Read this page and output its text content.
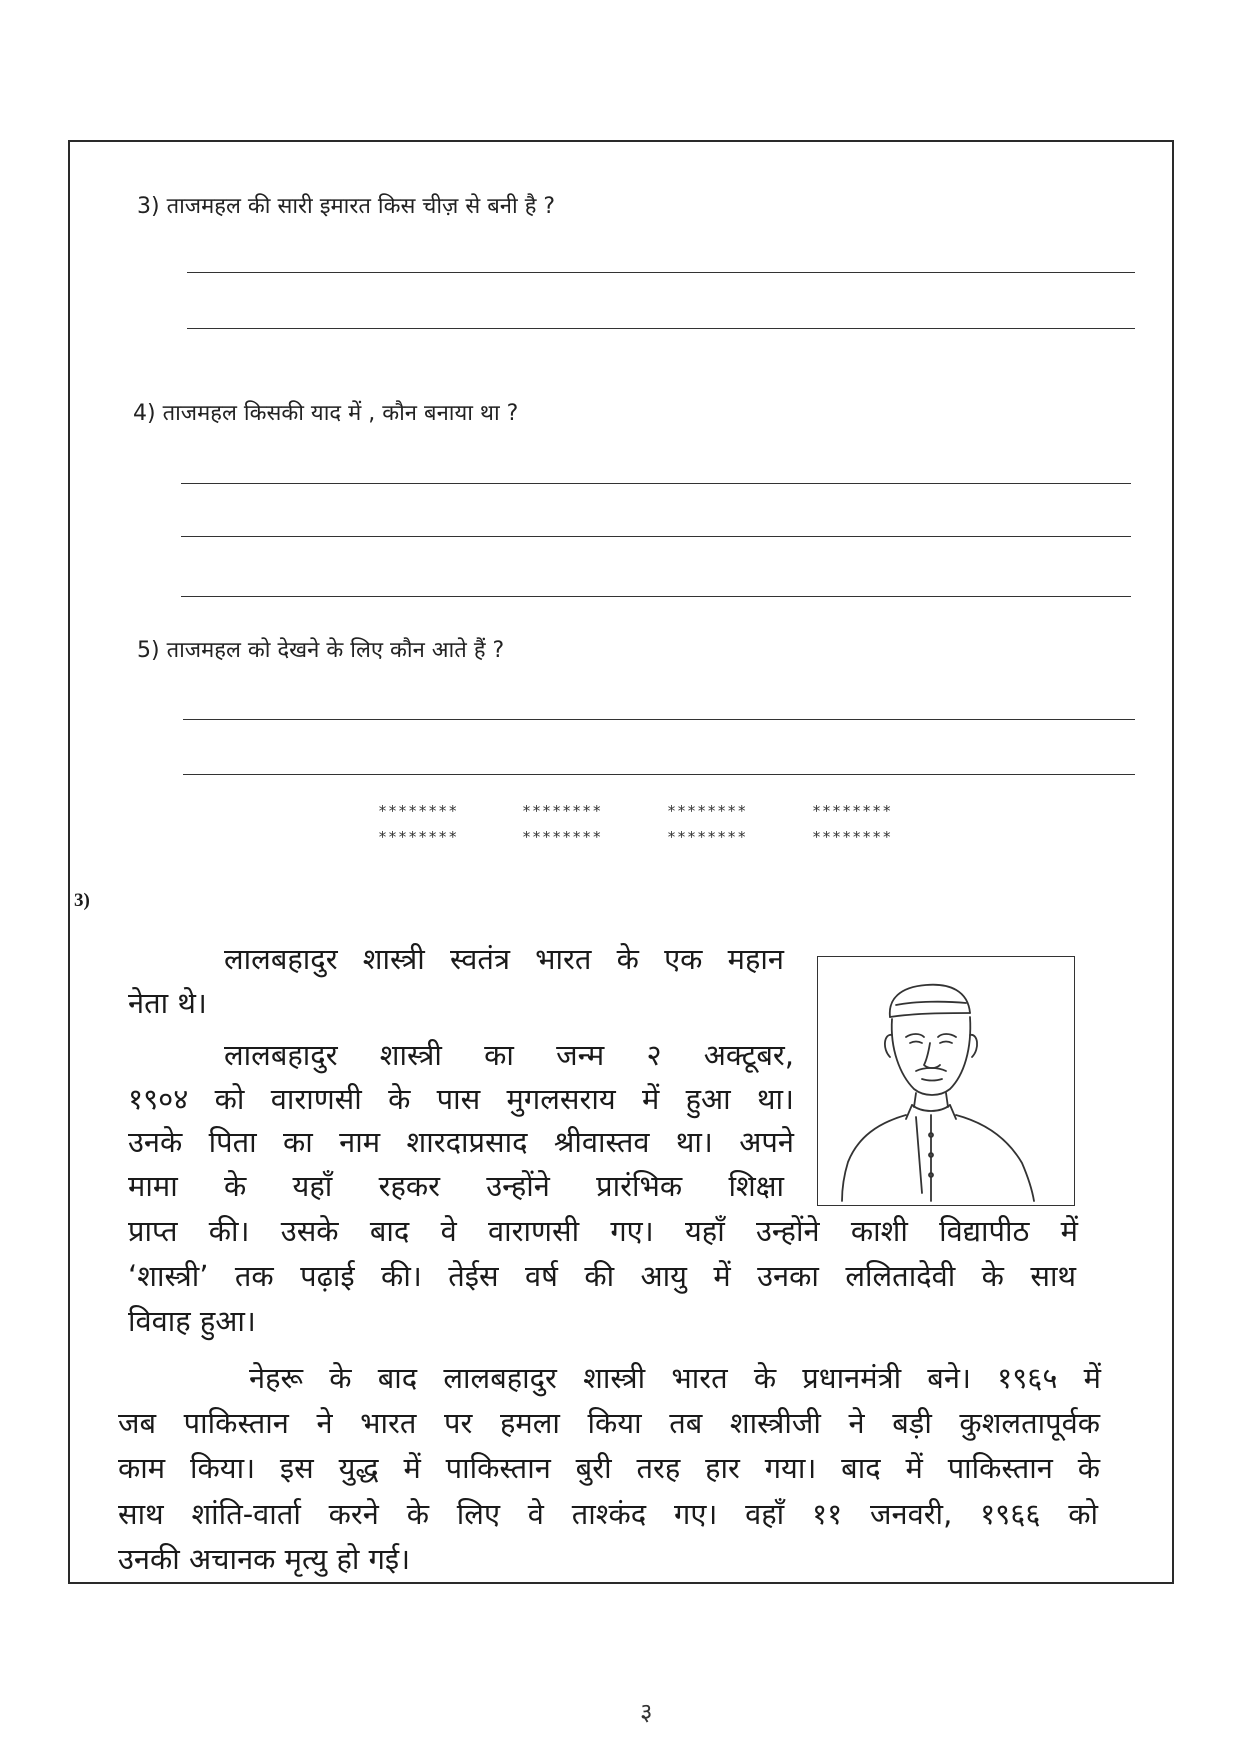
3) ताजमहल की सारी इमारत किस चीज़ से बनी है ?
4) ताजमहल किसकी याद में , कौन बनाया था ?
5) ताजमहल को देखने के लिए कौन आते हैं ?
********	********	********	********
********	********	********	********
3)
लालबहादुर शास्त्री स्वतंत्र भारत के एक महान
नेता थे।
लालबहादुर शास्त्री का जन्म २ अक्टूबर,
१९०४ को वाराणसी के पास मुगलसराय में हुआ था।
उनके पिता का नाम शारदाप्रसाद श्रीवास्तव था। अपने
मामा के यहाँ रहकर उन्होंने प्रारंभिक शिक्षा
प्राप्त की। उसके बाद वे वाराणसी गए। यहाँ उन्होंने काशी विद्यापीठ में
‘शास्त्री’ तक पढ़ाई की। तेईस वर्ष की आयु में उनका ललितादेवी के साथ
विवाह हुआ।
नेहरू के बाद लालबहादुर शास्त्री भारत के प्रधानमंत्री बने। १९६५ में
जब पाकिस्तान ने भारत पर हमला किया तब शास्त्रीजी ने बड़ी कुशलतापूर्वक
काम किया। इस युद्ध में पाकिस्तान बुरी तरह हार गया। बाद में पाकिस्तान के
साथ शांति-वार्ता करने के लिए वे ताश्कंद गए। वहाँ ११ जनवरी, १९६६ को
उनकी अचानक मृत्यु हो गई।
३
